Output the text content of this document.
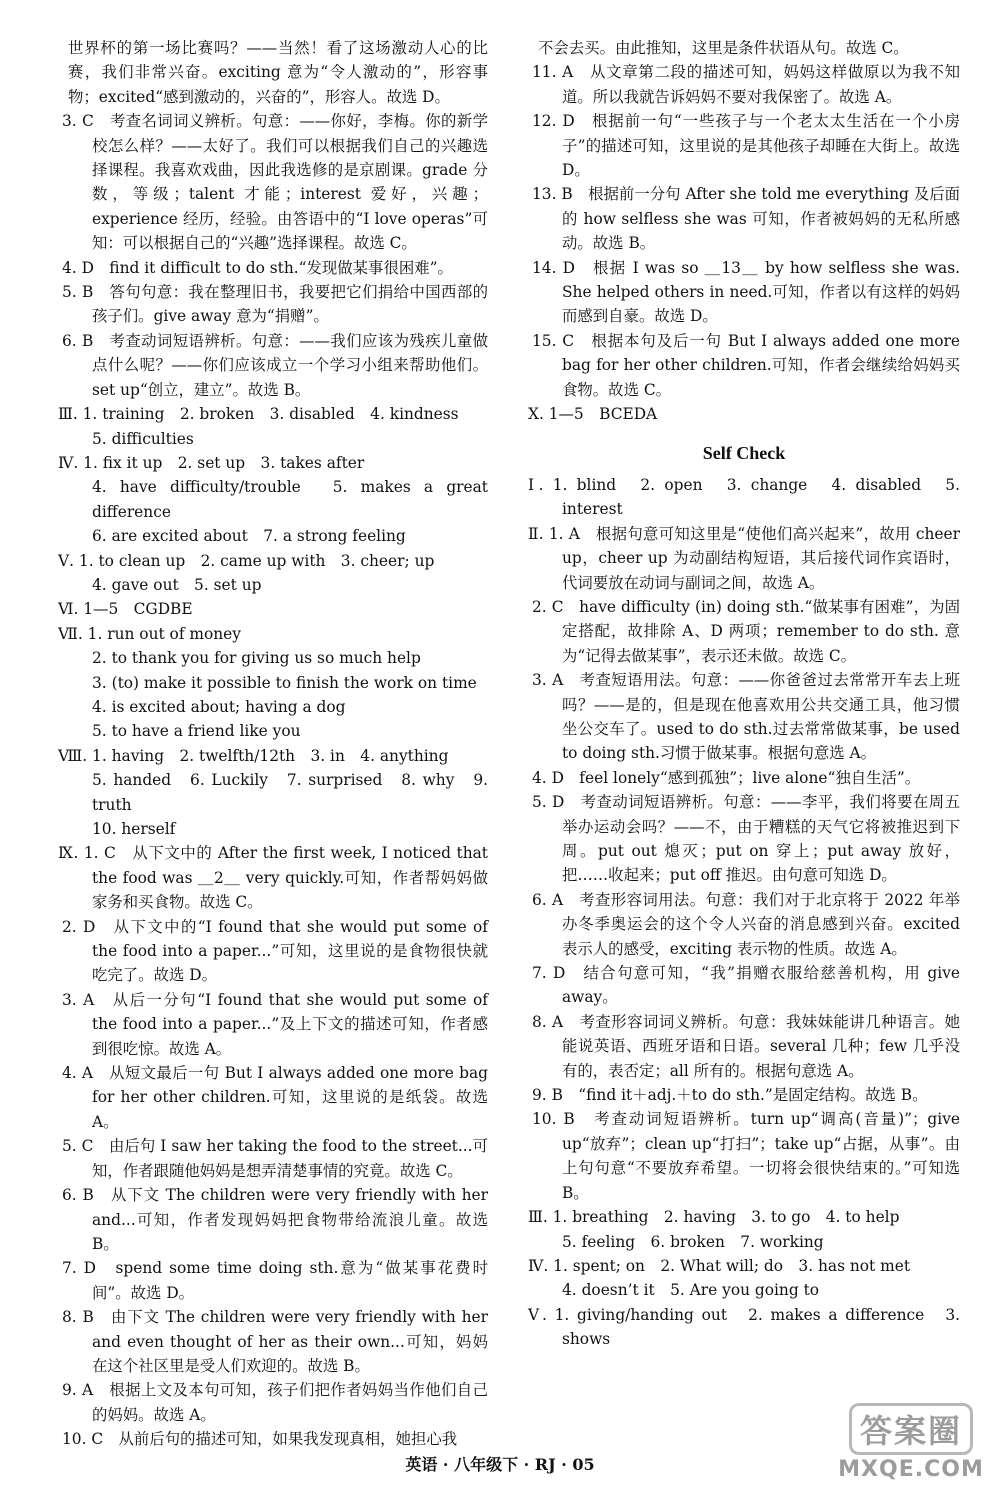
世界杯的第一场比赛吗？——当然！看了这场激动人心的比赛，我们非常兴奋。exciting 意为“令人激动的”，形容事物；excited“感到激动的，兴奋的”，形容人。故选 D。

3. C　考查名词词义辨析。句意：——你好，李梅。你的新学校怎么样？——太好了。我们可以根据我们自己的兴趣选择课程。我喜欢戏曲，因此我选修的是京剧课。grade 分数，等级；talent 才能；interest 爱好，兴趣；experience 经历，经验。由答语中的“I love operas”可知：可以根据自己的“兴趣”选择课程。故选 C。

4. D　find it difficult to do sth.“发现做某事很困难”。

5. B　答句句意：我在整理旧书，我要把它们捐给中国西部的孩子们。give away 意为“捐赠”。

6. B　考查动词短语辨析。句意：——我们应该为残疾儿童做点什么呢？——你们应该成立一个学习小组来帮助他们。set up“创立，建立”。故选 B。

Ⅲ. 1. training　2. broken　3. disabled　4. kindness

5. difficulties

Ⅳ. 1. fix it up　2. set up　3. takes after

4. have difficulty/trouble　5. makes a great difference

6. are excited about　7. a strong feeling

Ⅴ. 1. to clean up　2. came up with　3. cheer; up

4. gave out　5. set up

Ⅵ. 1—5　CGDBE

Ⅶ. 1. run out of money

2. to thank you for giving us so much help

3. (to) make it possible to finish the work on time

4. is excited about; having a dog

5. to have a friend like you

Ⅷ. 1. having　2. twelfth/12th　3. in　4. anything

5. handed　6. Luckily　7. surprised　8. why　9. truth

10. herself

Ⅸ. 1. C　从下文中的 After the first week, I noticed that the food was ＿2＿ very quickly.可知，作者帮妈妈做家务和买食物。故选 C。

2. D　从下文中的“I found that she would put some of the food into a paper...”可知，这里说的是食物很快就吃完了。故选 D。

3. A　从后一分句“I found that she would put some of the food into a paper...”及上下文的描述可知，作者感到很吃惊。故选 A。

4. A　从短文最后一句 But I always added one more bag for her other children.可知，这里说的是纸袋。故选 A。

5. C　由后句 I saw her taking the food to the street...可知，作者跟随他妈妈是想弄清楚事情的究竟。故选 C。

6. B　从下文 The children were very friendly with her and...可知，作者发现妈妈把食物带给流浪儿童。故选 B。

7. D　spend some time doing sth.意为“做某事花费时间”。故选 D。

8. B　由下文 The children were very friendly with her and even thought of her as their own...可知，妈妈在这个社区里是受人们欢迎的。故选 B。

9. A　根据上文及本句可知，孩子们把作者妈妈当作他们自己的妈妈。故选 A。

10. C　从前后句的描述可知，如果我发现真相，她担心我

不会去买。由此推知，这里是条件状语从句。故选 C。

11. A　从文章第二段的描述可知，妈妈这样做原以为我不知道。所以我就告诉妈妈不要对我保密了。故选 A。

12. D　根据前一句“一些孩子与一个老太太生活在一个小房子”的描述可知，这里说的是其他孩子却睡在大街上。故选 D。

13. B　根据前一分句 After she told me everything 及后面的 how selfless she was 可知，作者被妈妈的无私所感动。故选 B。

14. D　根据 I was so ＿13＿ by how selfless she was. She helped others in need.可知，作者以有这样的妈妈而感到自豪。故选 D。

15. C　根据本句及后一句 But I always added one more bag for her other children.可知，作者会继续给妈妈买食物。故选 C。

Ⅹ. 1—5　BCEDA

Self Check

Ⅰ. 1. blind　2. open　3. change　4. disabled　5. interest

Ⅱ. 1. A　根据句意可知这里是“使他们高兴起来”，故用 cheer up，cheer up 为动副结构短语，其后接代词作宾语时，代词要放在动词与副词之间，故选 A。

2. C　have difficulty (in) doing sth.“做某事有困难”，为固定搭配，故排除 A、D 两项；remember to do sth. 意为“记得去做某事”，表示还未做。故选 C。

3. A　考查短语用法。句意：——你爸爸过去常常开车去上班吗？——是的，但是现在他喜欢用公共交通工具，他习惯坐公交车了。used to do sth.过去常常做某事，be used to doing sth.习惯于做某事。根据句意选 A。

4. D　feel lonely“感到孤独”；live alone“独自生活”。

5. D　考查动词短语辨析。句意：——李平，我们将要在周五举办运动会吗？——不，由于糟糕的天气它将被推迟到下周。put out 熄灭；put on 穿上；put away 放好，把……收起来；put off 推迟。由句意可知选 D。

6. A　考查形容词用法。句意：我们对于北京将于 2022 年举办冬季奥运会的这个令人兴奋的消息感到兴奋。excited 表示人的感受，exciting 表示物的性质。故选 A。

7. D　结合句意可知，“我”捐赠衣服给慈善机构，用 give away。

8. A　考查形容词词义辨析。句意：我妹妹能讲几种语言。她能说英语、西班牙语和日语。several 几种；few 几乎没有的，表否定；all 所有的。根据句意选 A。

9. B　“find it＋adj.＋to do sth.”是固定结构。故选 B。

10. B　考查动词短语辨析。turn up“调高(音量)”；give up“放弃”；clean up“打扫”；take up“占据，从事”。由上句句意“不要放弃希望。一切将会很快结束的。”可知选 B。

Ⅲ. 1. breathing　2. having　3. to go　4. to help

5. feeling　6. broken　7. working

Ⅳ. 1. spent; on　2. What will; do　3. has not met

4. doesn’t it　5. Are you going to

Ⅴ. 1. giving/handing out　2. makes a difference　3. shows

英语 · 八年级下 · RJ · 05
答案圈
MXQE.COM
